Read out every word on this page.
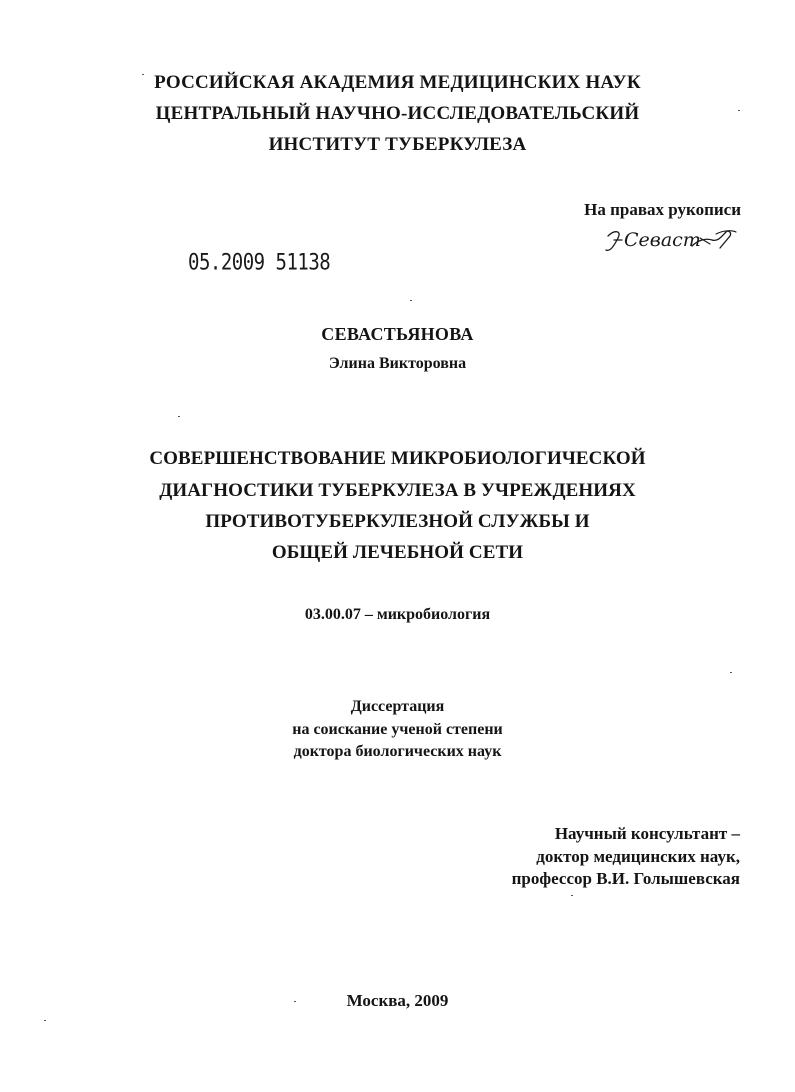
РОССИЙСКАЯ АКАДЕМИЯ МЕДИЦИНСКИХ НАУК
ЦЕНТРАЛЬНЫЙ НАУЧНО-ИССЛЕДОВАТЕЛЬСКИЙ
ИНСТИТУТ ТУБЕРКУЛЕЗА
На правах рукописи
Севаст
05.2009 51138
СЕВАСТЬЯНОВА
Элина Викторовна
СОВЕРШЕНСТВОВАНИЕ МИКРОБИОЛОГИЧЕСКОЙ
ДИАГНОСТИКИ ТУБЕРКУЛЕЗА В УЧРЕЖДЕНИЯХ
ПРОТИВОТУБЕРКУЛЕЗНОЙ СЛУЖБЫ И
ОБЩЕЙ ЛЕЧЕБНОЙ СЕТИ
03.00.07 – микробиология
Диссертация
на соискание ученой степени
доктора биологических наук
Научный консультант –
доктор медицинских наук,
профессор В.И. Голышевская
Москва, 2009
